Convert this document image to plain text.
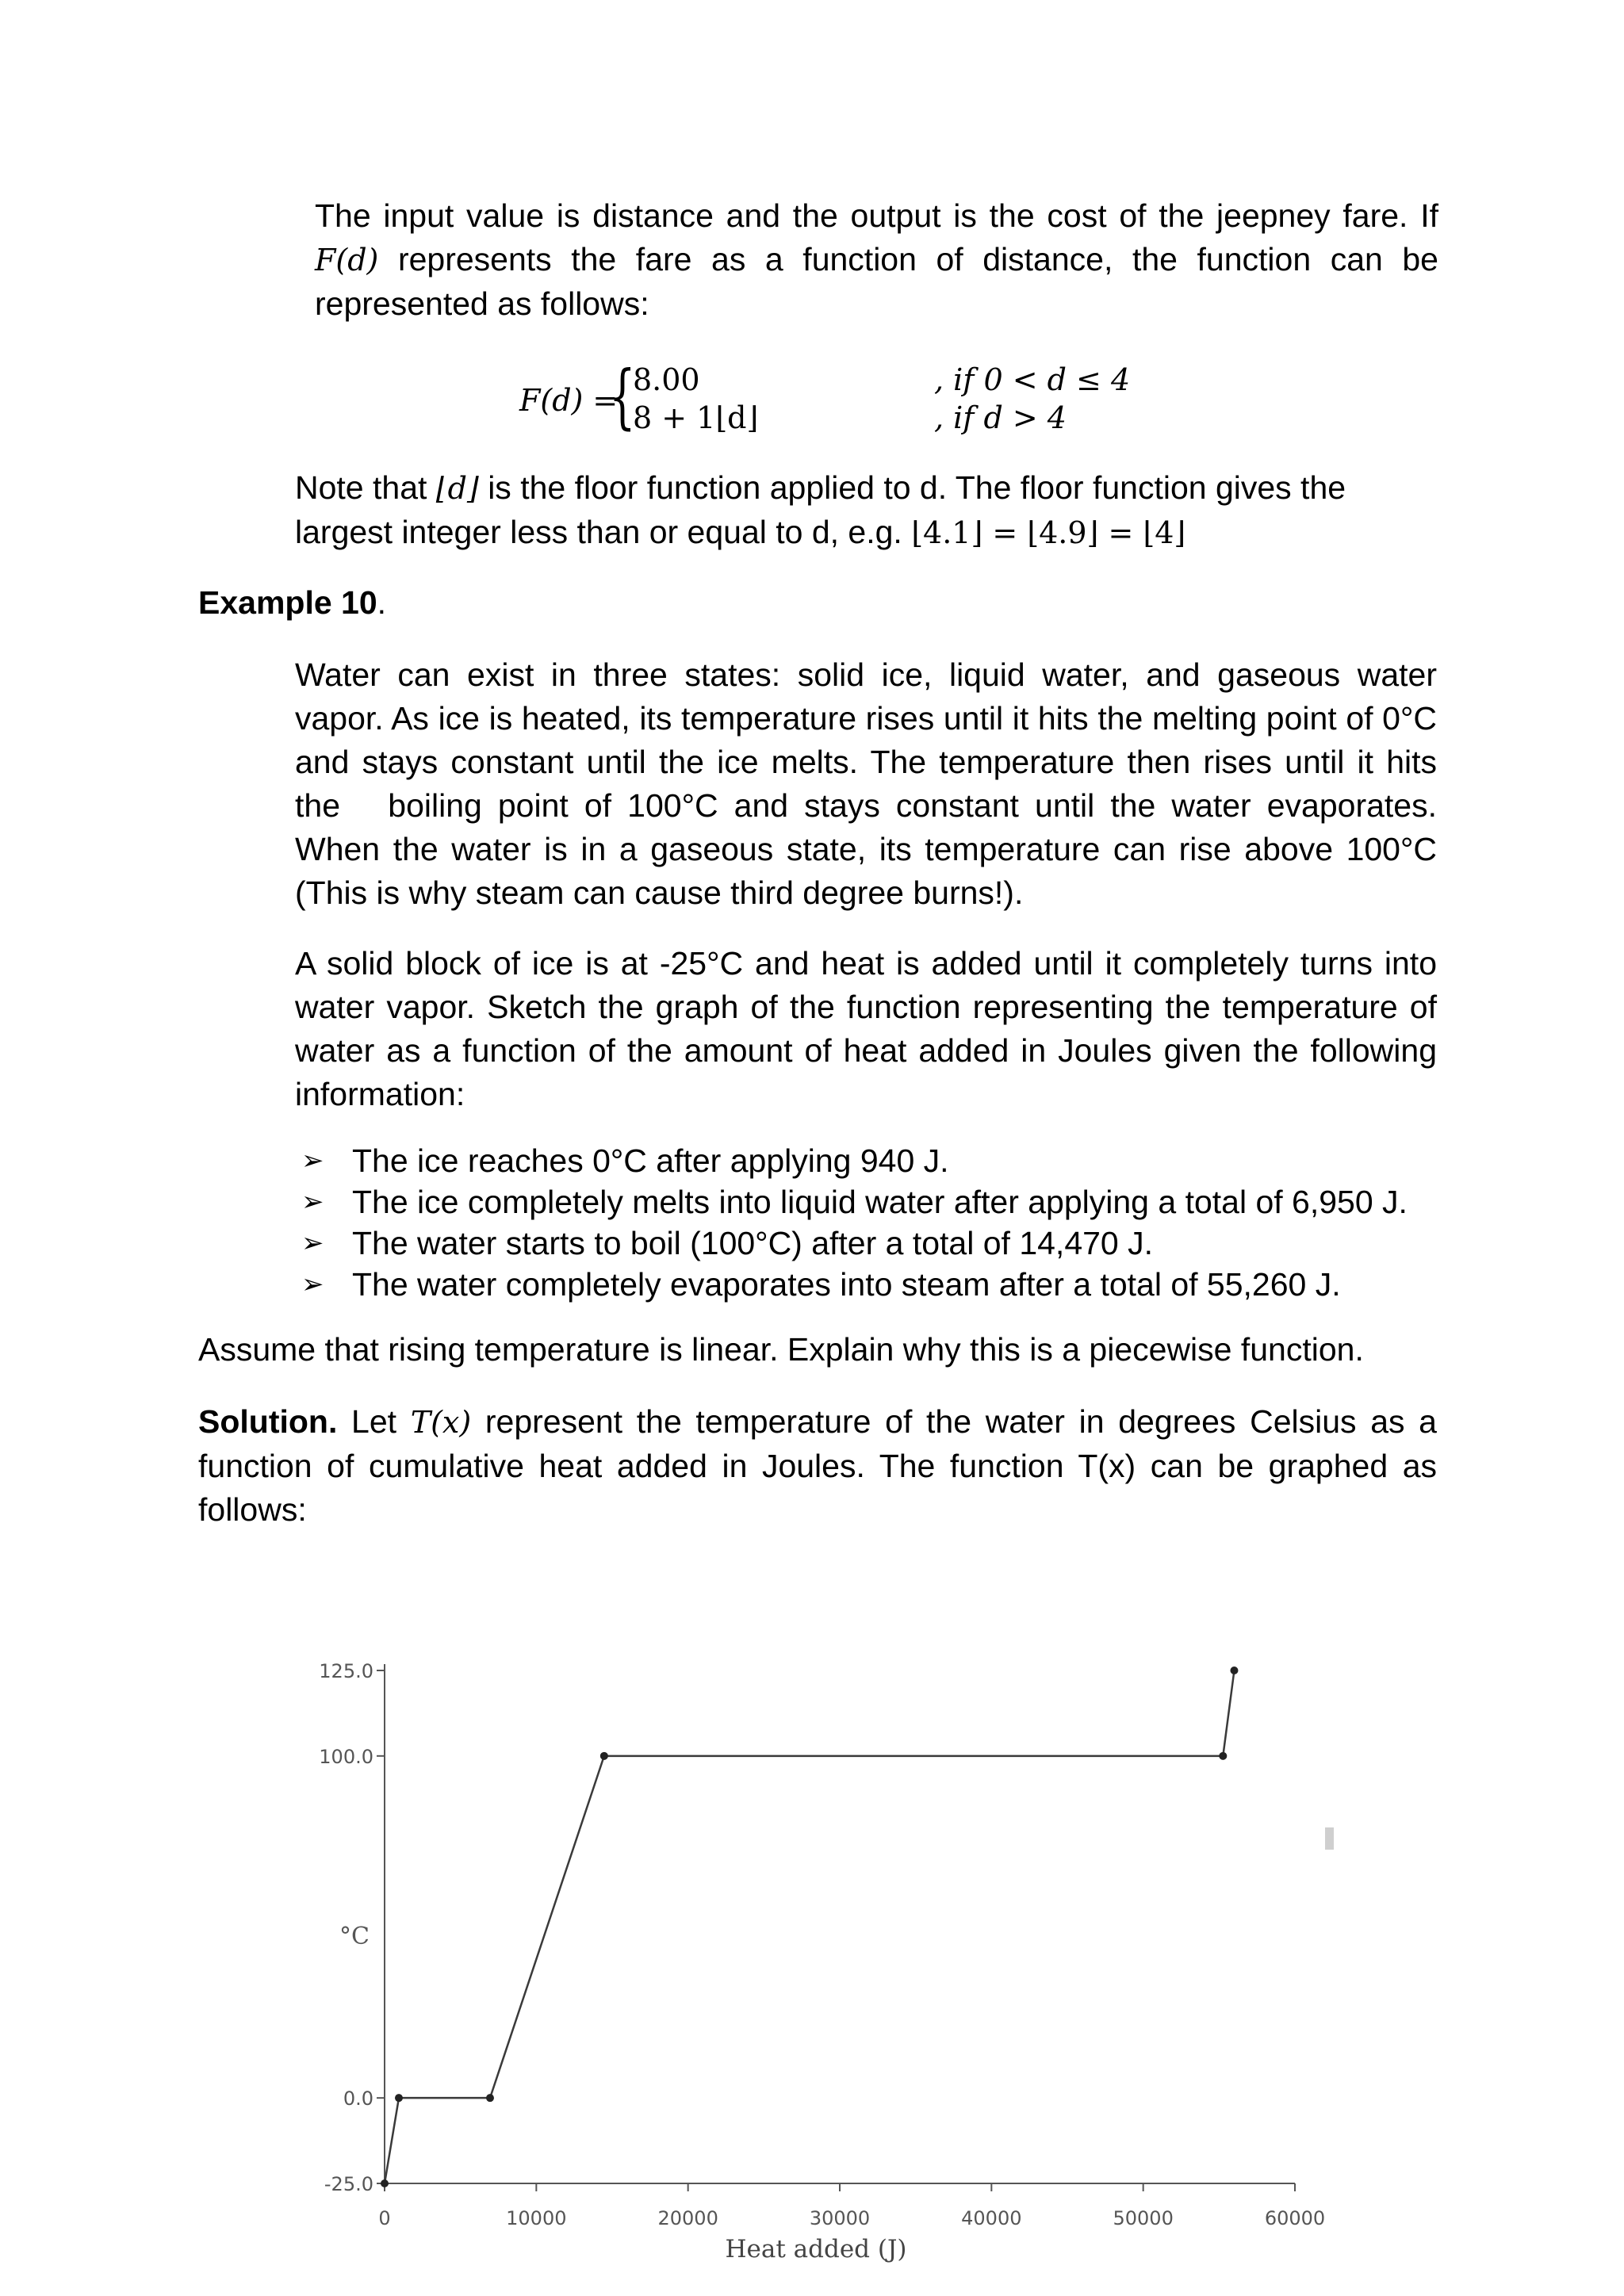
The input value is distance and the output is the cost of the jeepney fare. If F(d) represents the fare as a function of distance, the function can be represented as follows:
F(d) =
{
8.00	, if 0 < d ≤ 4
8 + 1⌊d⌋	, if d > 4
Note that ⌊d⌋ is the floor function applied to d. The floor function gives the largest integer less than or equal to d, e.g. ⌊4.1⌋ = ⌊4.9⌋ = ⌊4⌋
Example 10.
Water can exist in three states: solid ice, liquid water, and gaseous water vapor. As ice is heated, its temperature rises until it hits the melting point of 0°C and stays constant until the ice melts. The temperature then rises until it hits the   boiling point of 100°C and stays constant until the water evaporates. When the water is in a gaseous state, its temperature can rise above 100°C (This is why steam can cause third degree burns!).
A solid block of ice is at -25°C and heat is added until it completely turns into water vapor. Sketch the graph of the function representing the temperature of water as a function of the amount of heat added in Joules given the following information:
➢ The ice reaches 0°C after applying 940 J.
➢ The ice completely melts into liquid water after applying a total of 6,950 J.
➢ The water starts to boil (100°C) after a total of 14,470 J.
➢ The water completely evaporates into steam after a total of 55,260 J.
Assume that rising temperature is linear. Explain why this is a piecewise function.
Solution. Let T(x) represent the temperature of the water in degrees Celsius as a function of cumulative heat added in Joules. The function T(x) can be graphed as follows:
125.0
100.0
0.0
-25.0
0	10000	20000	30000	40000	50000	60000
Heat added (J)
°C
